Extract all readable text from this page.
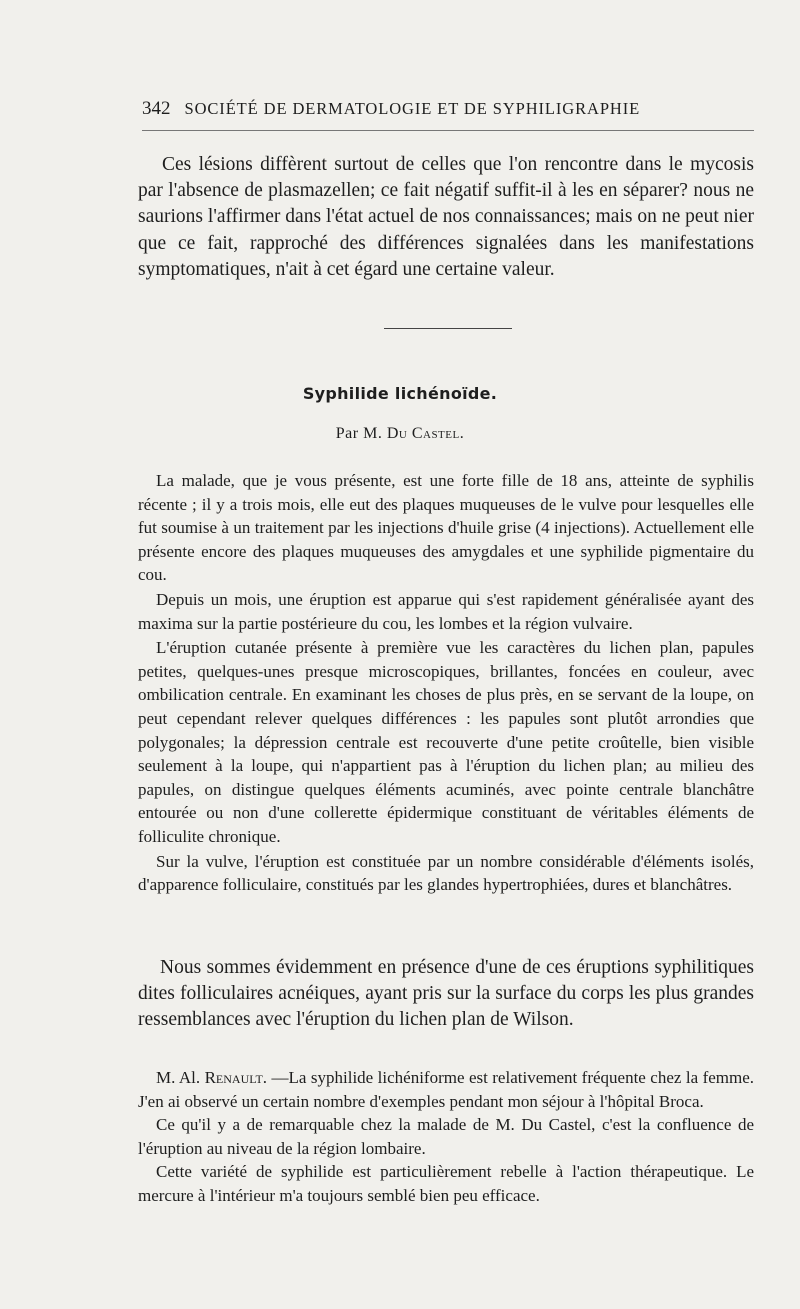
342 SOCIÉTÉ DE DERMATOLOGIE ET DE SYPHILIGRAPHIE

Ces lésions diffèrent surtout de celles que l'on rencontre dans le mycosis par l'absence de plasmazellen; ce fait négatif suffit-il à les en séparer? nous ne saurions l'affirmer dans l'état actuel de nos connaissances; mais on ne peut nier que ce fait, rapproché des différences signalées dans les manifestations symptomatiques, n'ait à cet égard une certaine valeur.

Syphilide lichénoïde.
Par M. Du Castel.

La malade, que je vous présente, est une forte fille de 18 ans, atteinte de syphilis récente ; il y a trois mois, elle eut des plaques muqueuses de le vulve pour lesquelles elle fut soumise à un traitement par les injections d'huile grise (4 injections). Actuellement elle présente encore des plaques muqueuses des amygdales et une syphilide pigmentaire du cou.

Depuis un mois, une éruption est apparue qui s'est rapidement généralisée ayant des maxima sur la partie postérieure du cou, les lombes et la région vulvaire.

L'éruption cutanée présente à première vue les caractères du lichen plan, papules petites, quelques-unes presque microscopiques, brillantes, foncées en couleur, avec ombilication centrale. En examinant les choses de plus près, en se servant de la loupe, on peut cependant relever quelques différences : les papules sont plutôt arrondies que polygonales; la dépression centrale est recouverte d'une petite croûtelle, bien visible seulement à la loupe, qui n'appartient pas à l'éruption du lichen plan; au milieu des papules, on distingue quelques éléments acuminés, avec pointe centrale blanchâtre entourée ou non d'une collerette épidermique constituant de véritables éléments de folliculite chronique.

Sur la vulve, l'éruption est constituée par un nombre considérable d'éléments isolés, d'apparence folliculaire, constitués par les glandes hypertrophiées, dures et blanchâtres.

Nous sommes évidemment en présence d'une de ces éruptions syphilitiques dites folliculaires acnéiques, ayant pris sur la surface du corps les plus grandes ressemblances avec l'éruption du lichen plan de Wilson.

M. Al. Renault. —La syphilide lichéniforme est relativement fréquente chez la femme. J'en ai observé un certain nombre d'exemples pendant mon séjour à l'hôpital Broca.

Ce qu'il y a de remarquable chez la malade de M. Du Castel, c'est la confluence de l'éruption au niveau de la région lombaire.

Cette variété de syphilide est particulièrement rebelle à l'action thérapeutique. Le mercure à l'intérieur m'a toujours semblé bien peu efficace.
